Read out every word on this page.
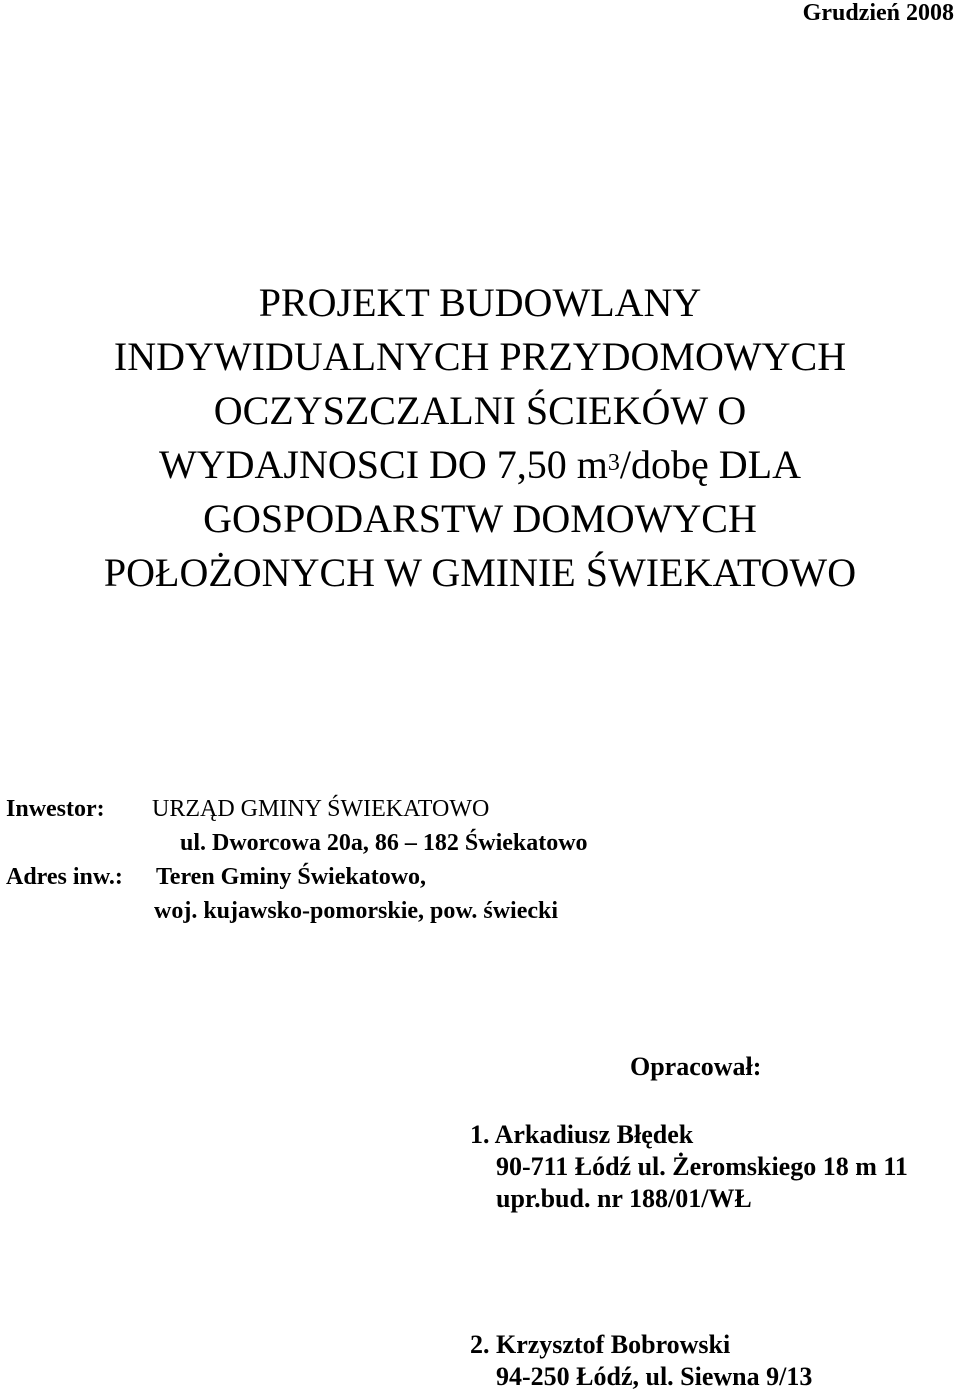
Grudzień 2008
PROJEKT BUDOWLANY
INDYWIDUALNYCH PRZYDOMOWYCH
OCZYSZCZALNI ŚCIEKÓW O
WYDAJNOSCI DO 7,50 $m^3$/dobę DLA
GOSPODARSTW DOMOWYCH
POŁOŻONYCH W GMINIE ŚWIEKATOWO
Inwestor: URZĄD GMINY ŚWIEKATOWO
ul. Dworcowa 20a, 86 – 182 Świekatowo
Adres inw.: Teren Gminy Świekatowo,
woj. kujawsko-pomorskie, pow. świecki
Opracował:
1. Arkadiusz Błędek
90-711 Łódź ul. Żeromskiego 18 m 11
upr.bud. nr 188/01/WŁ
2. Krzysztof Bobrowski
94-250 Łódź, ul. Siewna 9/13
